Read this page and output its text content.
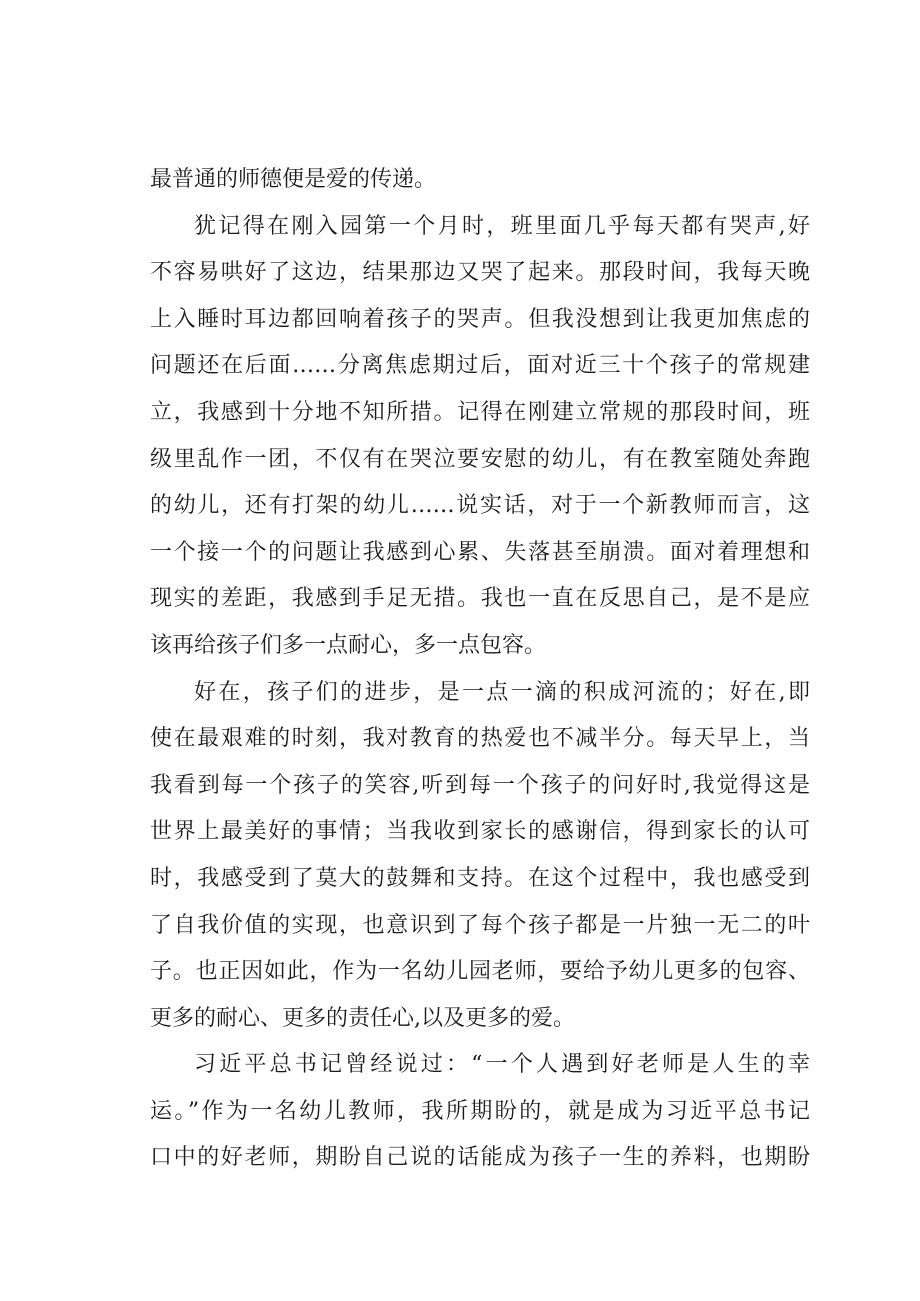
最普通的师德便是爱的传递。
犹记得在刚入园第一个月时，班里面几乎每天都有哭声,好
不容易哄好了这边，结果那边又哭了起来。那段时间，我每天晚
上入睡时耳边都回响着孩子的哭声。但我没想到让我更加焦虑的
问题还在后面……分离焦虑期过后，面对近三十个孩子的常规建
立，我感到十分地不知所措。记得在刚建立常规的那段时间，班
级里乱作一团，不仅有在哭泣要安慰的幼儿，有在教室随处奔跑
的幼儿，还有打架的幼儿……说实话，对于一个新教师而言，这
一个接一个的问题让我感到心累、失落甚至崩溃。面对着理想和
现实的差距，我感到手足无措。我也一直在反思自己，是不是应
该再给孩子们多一点耐心，多一点包容。
好在，孩子们的进步，是一点一滴的积成河流的；好在,即
使在最艰难的时刻，我对教育的热爱也不减半分。每天早上，当
我看到每一个孩子的笑容,听到每一个孩子的问好时,我觉得这是
世界上最美好的事情；当我收到家长的感谢信，得到家长的认可
时，我感受到了莫大的鼓舞和支持。在这个过程中，我也感受到
了自我价值的实现，也意识到了每个孩子都是一片独一无二的叶
子。也正因如此，作为一名幼儿园老师，要给予幼儿更多的包容、
更多的耐心、更多的责任心,以及更多的爱。
习近平总书记曾经说过：“一个人遇到好老师是人生的幸
运。”作为一名幼儿教师，我所期盼的，就是成为习近平总书记
口中的好老师，期盼自己说的话能成为孩子一生的养料，也期盼
